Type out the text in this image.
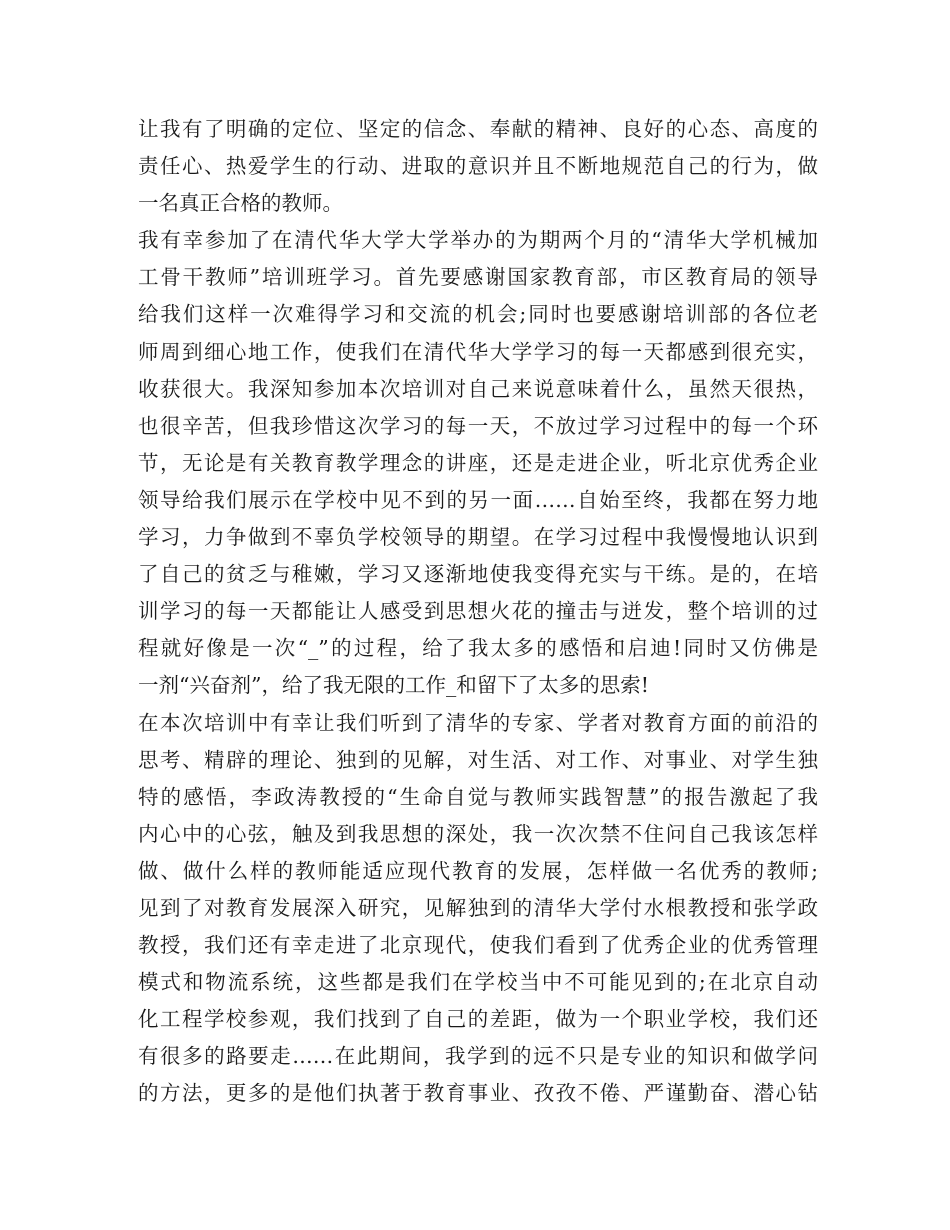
让我有了明确的定位、坚定的信念、奉献的精神、良好的心态、高度的
责任心、热爱学生的行动、进取的意识并且不断地规范自己的行为，做
一名真正合格的教师。
我有幸参加了在清代华大学大学举办的为期两个月的“清华大学机械加
工骨干教师”培训班学习。首先要感谢国家教育部，市区教育局的领导
给我们这样一次难得学习和交流的机会;同时也要感谢培训部的各位老
师周到细心地工作，使我们在清代华大学学习的每一天都感到很充实，
收获很大。我深知参加本次培训对自己来说意味着什么，虽然天很热，
也很辛苦，但我珍惜这次学习的每一天，不放过学习过程中的每一个环
节，无论是有关教育教学理念的讲座，还是走进企业，听北京优秀企业
领导给我们展示在学校中见不到的另一面……自始至终，我都在努力地
学习，力争做到不辜负学校领导的期望。在学习过程中我慢慢地认识到
了自己的贫乏与稚嫩，学习又逐渐地使我变得充实与干练。是的，在培
训学习的每一天都能让人感受到思想火花的撞击与迸发，整个培训的过
程就好像是一次“_”的过程，给了我太多的感悟和启迪!同时又仿佛是
一剂“兴奋剂”，给了我无限的工作_和留下了太多的思索!
在本次培训中有幸让我们听到了清华的专家、学者对教育方面的前沿的
思考、精辟的理论、独到的见解，对生活、对工作、对事业、对学生独
特的感悟，李政涛教授的“生命自觉与教师实践智慧”的报告激起了我
内心中的心弦，触及到我思想的深处，我一次次禁不住问自己我该怎样
做、做什么样的教师能适应现代教育的发展，怎样做一名优秀的教师;
见到了对教育发展深入研究，见解独到的清华大学付水根教授和张学政
教授，我们还有幸走进了北京现代，使我们看到了优秀企业的优秀管理
模式和物流系统，这些都是我们在学校当中不可能见到的;在北京自动
化工程学校参观，我们找到了自己的差距，做为一个职业学校，我们还
有很多的路要走……在此期间，我学到的远不只是专业的知识和做学问
的方法，更多的是他们执著于教育事业、孜孜不倦、严谨勤奋、潜心钻
